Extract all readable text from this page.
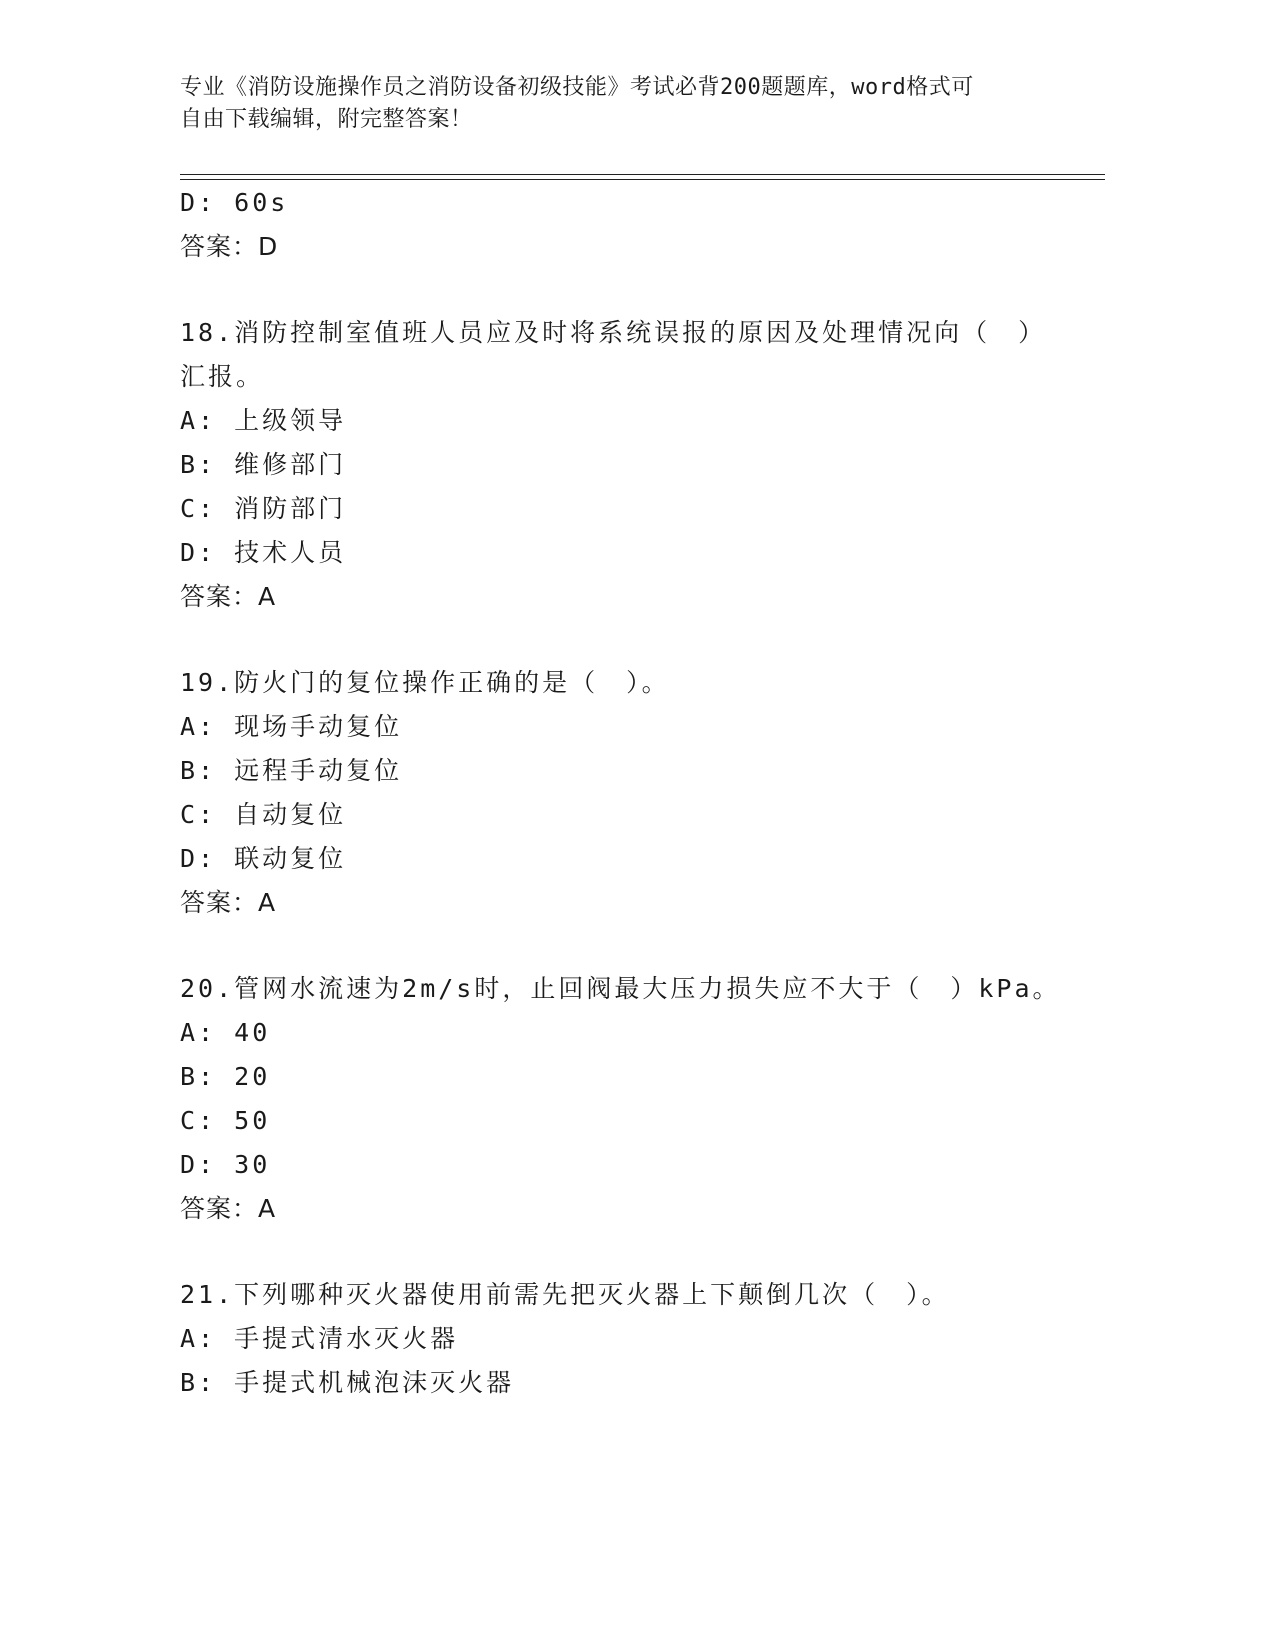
专业《消防设施操作员之消防设备初级技能》考试必背200题题库，word格式可
自由下载编辑，附完整答案！
D: 60s
答案：D
18.消防控制室值班人员应及时将系统误报的原因及处理情况向（　）
汇报。
A: 上级领导
B: 维修部门
C: 消防部门
D: 技术人员
答案：A
19.防火门的复位操作正确的是（　）。
A: 现场手动复位
B: 远程手动复位
C: 自动复位
D: 联动复位
答案：A
20.管网水流速为2m/s时，止回阀最大压力损失应不大于（　）kPa。
A: 40
B: 20
C: 50
D: 30
答案：A
21.下列哪种灭火器使用前需先把灭火器上下颠倒几次（　）。
A: 手提式清水灭火器
B: 手提式机械泡沫灭火器
